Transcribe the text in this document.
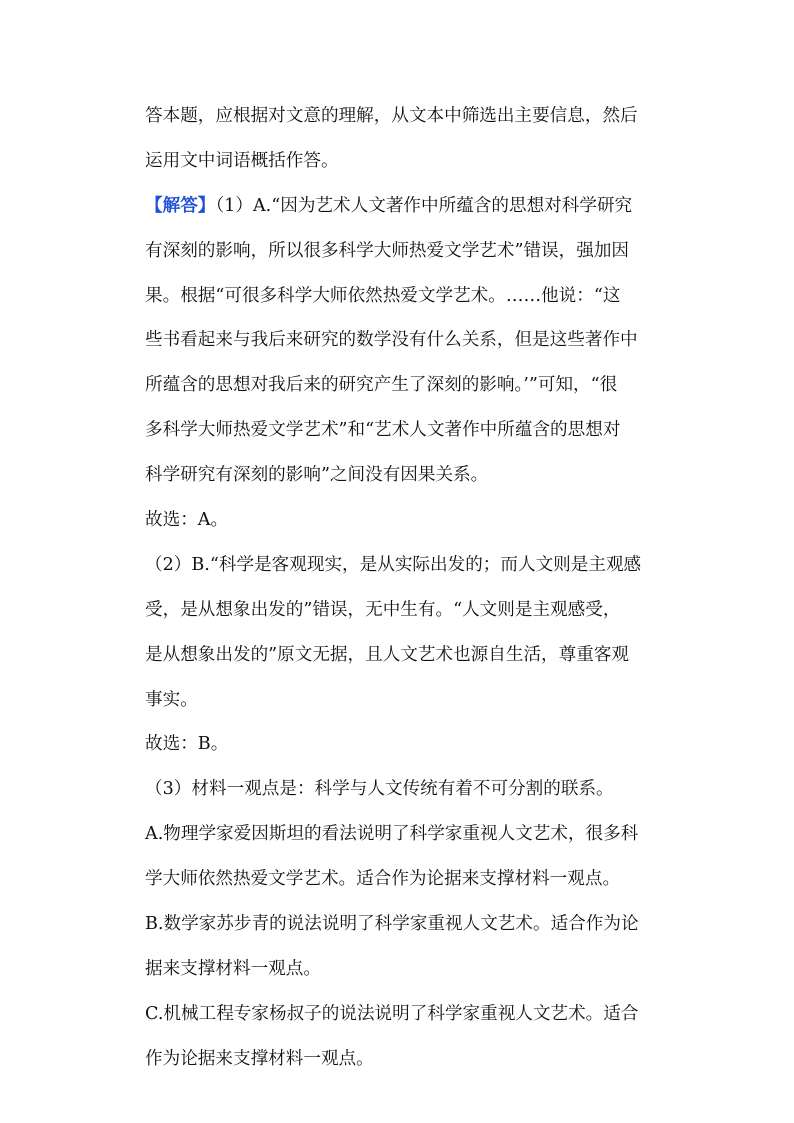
答本题，应根据对文意的理解，从文本中筛选出主要信息，然后
运用文中词语概括作答。
【解答】（1）A.“因为艺术人文著作中所蕴含的思想对科学研究
有深刻的影响，所以很多科学大师热爱文学艺术”错误，强加因
果。根据“可很多科学大师依然热爱文学艺术。……他说：“这
些书看起来与我后来研究的数学没有什么关系，但是这些著作中
所蕴含的思想对我后来的研究产生了深刻的影响。’”可知，“很
多科学大师热爱文学艺术”和“艺术人文著作中所蕴含的思想对
科学研究有深刻的影响”之间没有因果关系。
故选：A。
（2）B.“科学是客观现实，是从实际出发的；而人文则是主观感
受，是从想象出发的”错误，无中生有。“人文则是主观感受，
是从想象出发的”原文无据，且人文艺术也源自生活，尊重客观
事实。
故选：B。
（3）材料一观点是：科学与人文传统有着不可分割的联系。
A.物理学家爱因斯坦的看法说明了科学家重视人文艺术，很多科
学大师依然热爱文学艺术。适合作为论据来支撑材料一观点。
B.数学家苏步青的说法说明了科学家重视人文艺术。适合作为论
据来支撑材料一观点。
C.机械工程专家杨叔子的说法说明了科学家重视人文艺术。适合
作为论据来支撑材料一观点。
